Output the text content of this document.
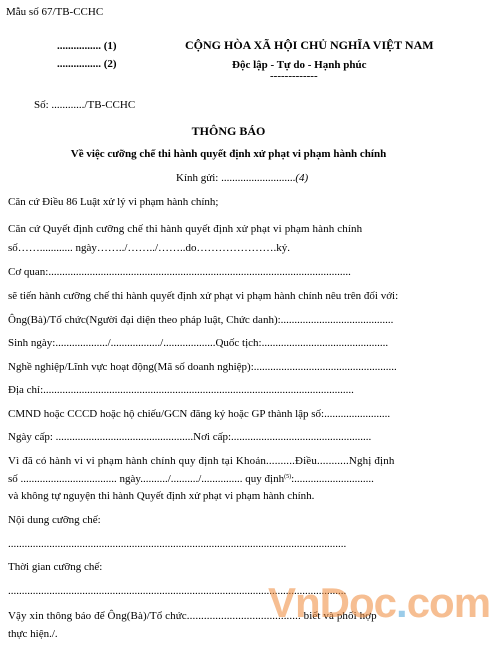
Mẫu số 67/TB-CCHC
................ (1)
................ (2)
CỘNG HÒA XÃ HỘI CHỦ NGHĨA VIỆT NAM
Độc lập - Tự do - Hạnh phúc
-------------
Số: ............/TB-CCHC
THÔNG BÁO
Về việc cưỡng chế thi hành quyết định xử phạt vi phạm hành chính
Kính gửi: ...........................(4)
Căn cứ Điều 86 Luật xử lý vi phạm hành chính;
Căn cứ Quyết định cưỡng chế thi hành quyết định xử phạt vi phạm hành chính
số……............ ngày……../……../……..do………………….ký.
Cơ quan:..............................................................................................................
sẽ tiến hành cưỡng chế thi hành quyết định xử phạt vi phạm hành chính nêu trên đối với:
Ông(Bà)/Tổ chức(Người đại diện theo pháp luật, Chức danh):.........................................
Sinh ngày:.................../................../...................Quốc tịch:..............................................
Nghề nghiệp/Lĩnh vực hoạt động(Mã số doanh nghiệp):....................................................
Địa chỉ:.................................................................................................................
CMND hoặc CCCD hoặc hộ chiếu/GCN đăng ký hoặc GP thành lập số:........................
Ngày cấp: ..................................................Nơi cấp:...................................................
Vì đã có hành vi vi phạm hành chính quy định tại Khoản..........Điều...........Nghị định
số ................................... ngày........../........../............... quy định$^{(5)}$:.............................
và không tự nguyện thi hành Quyết định xử phạt vi phạm hành chính.
Nội dung cưỡng chế:
...........................................................................................................................
Thời gian cưỡng chế:
...........................................................................................................................
Vậy xin thông báo để Ông(Bà)/Tổ chức........................................ biết và phối hợp
thực hiện./.
VnDoc.com
